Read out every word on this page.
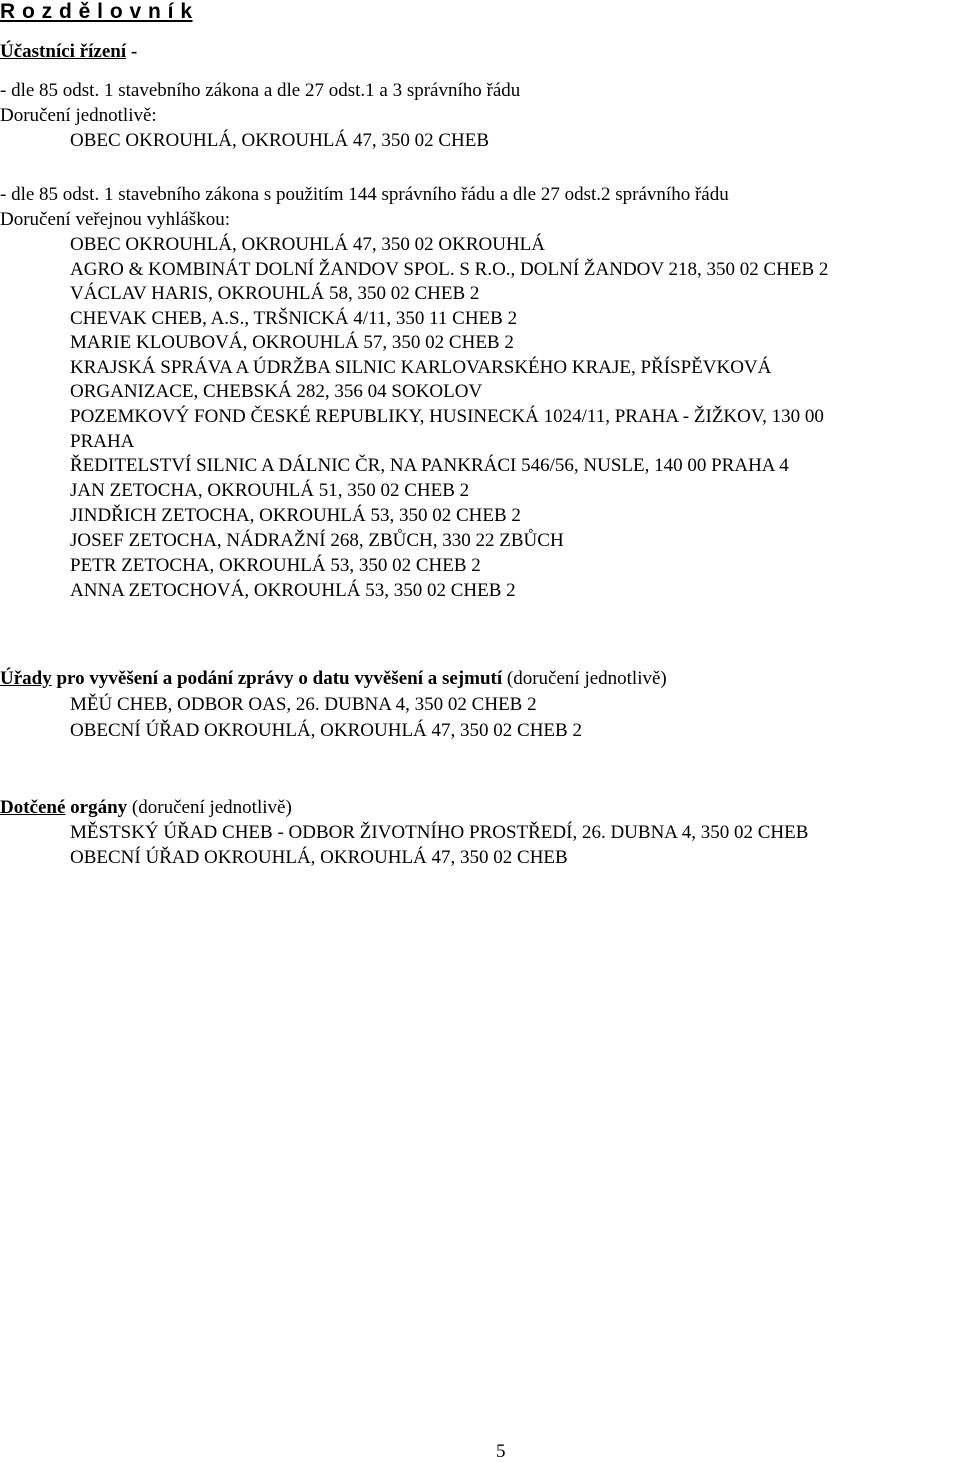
R o z d ě l o v n í k
Účastníci řízení -
- dle 85 odst. 1 stavebního zákona a dle 27 odst.1 a 3 správního řádu
Doručení jednotlivě:
OBEC OKROUHLÁ, OKROUHLÁ 47, 350 02 CHEB
- dle 85 odst. 1 stavebního zákona s použitím 144 správního řádu a dle 27 odst.2 správního řádu
Doručení veřejnou vyhláškou:
OBEC OKROUHLÁ, OKROUHLÁ 47, 350 02 OKROUHLÁ
AGRO & KOMBINÁT DOLNÍ ŽANDOV SPOL. S R.O., DOLNÍ ŽANDOV 218, 350 02 CHEB 2
VÁCLAV HARIS, OKROUHLÁ 58, 350 02 CHEB 2
CHEVAK CHEB, A.S., TRŠNICKÁ 4/11, 350 11 CHEB 2
MARIE KLOUBOVÁ, OKROUHLÁ 57, 350 02 CHEB 2
KRAJSKÁ SPRÁVA A ÚDRŽBA SILNIC KARLOVARSKÉHO KRAJE, PŘÍSPĚVKOVÁ
ORGANIZACE, CHEBSKÁ 282, 356 04 SOKOLOV
POZEMKOVÝ FOND ČESKÉ REPUBLIKY, HUSINECKÁ 1024/11, PRAHA - ŽIŽKOV, 130 00
PRAHA
ŘEDITELSTVÍ SILNIC A DÁLNIC ČR, NA PANKRÁCI 546/56, NUSLE, 140 00 PRAHA 4
JAN ZETOCHA, OKROUHLÁ 51, 350 02 CHEB 2
JINDŘICH ZETOCHA, OKROUHLÁ 53, 350 02 CHEB 2
JOSEF ZETOCHA, NÁDRAŽNÍ 268, ZBŮCH, 330 22 ZBŮCH
PETR ZETOCHA, OKROUHLÁ 53, 350 02 CHEB 2
ANNA ZETOCHOVÁ, OKROUHLÁ 53, 350 02 CHEB 2
Úřady pro vyvěšení a podání zprávy o datu vyvěšení a sejmutí (doručení jednotlivě)
MĚÚ CHEB, ODBOR OAS, 26. DUBNA 4, 350 02 CHEB 2
OBECNÍ ÚŘAD OKROUHLÁ, OKROUHLÁ 47, 350 02 CHEB 2
Dotčené orgány (doručení jednotlivě)
MĚSTSKÝ ÚŘAD CHEB - ODBOR ŽIVOTNÍHO PROSTŘEDÍ, 26. DUBNA 4, 350 02 CHEB
OBECNÍ ÚŘAD OKROUHLÁ, OKROUHLÁ 47, 350 02 CHEB
5
